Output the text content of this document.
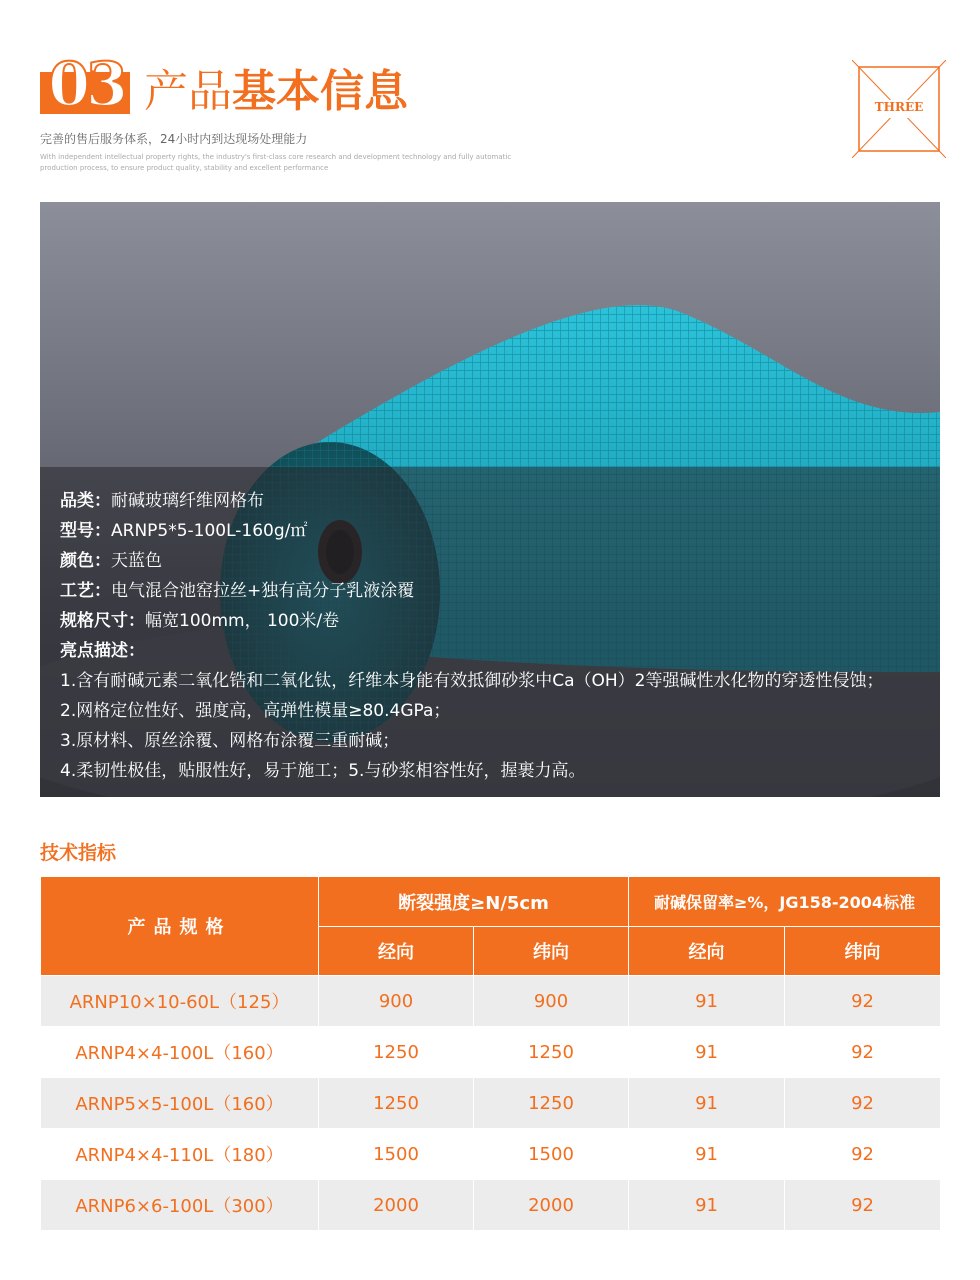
03 产品基本信息
完善的售后服务体系，24小时内到达现场处理能力
With independent intellectual property rights, the industry's first-class core research and development technology and fully automatic production process, to ensure product quality, stability and excellent performance
THREE
品类：耐碱玻璃纤维网格布
型号：ARNP5*5-100L-160g/㎡
颜色：天蓝色
工艺：电气混合池窑拉丝+独有高分子乳液涂覆
规格尺寸：幅宽100mm， 100米/卷
亮点描述：
1.含有耐碱元素二氧化锆和二氧化钛，纤维本身能有效抵御砂浆中Ca（OH）2等强碱性水化物的穿透性侵蚀；
2.网格定位性好、强度高，高弹性模量≥80.4GPa；
3.原材料、原丝涂覆、网格布涂覆三重耐碱；
4.柔韧性极佳，贴服性好，易于施工；5.与砂浆相容性好，握裹力高。
技术指标
产品规格	断裂强度≥N/5cm		耐碱保留率≥%，JG158-2004标准	
	经向	纬向	经向	纬向
ARNP10×10-60L（125）	900	900	91	92
ARNP4×4-100L（160）	1250	1250	91	92
ARNP5×5-100L（160）	1250	1250	91	92
ARNP4×4-110L（180）	1500	1500	91	92
ARNP6×6-100L（300）	2000	2000	91	92
